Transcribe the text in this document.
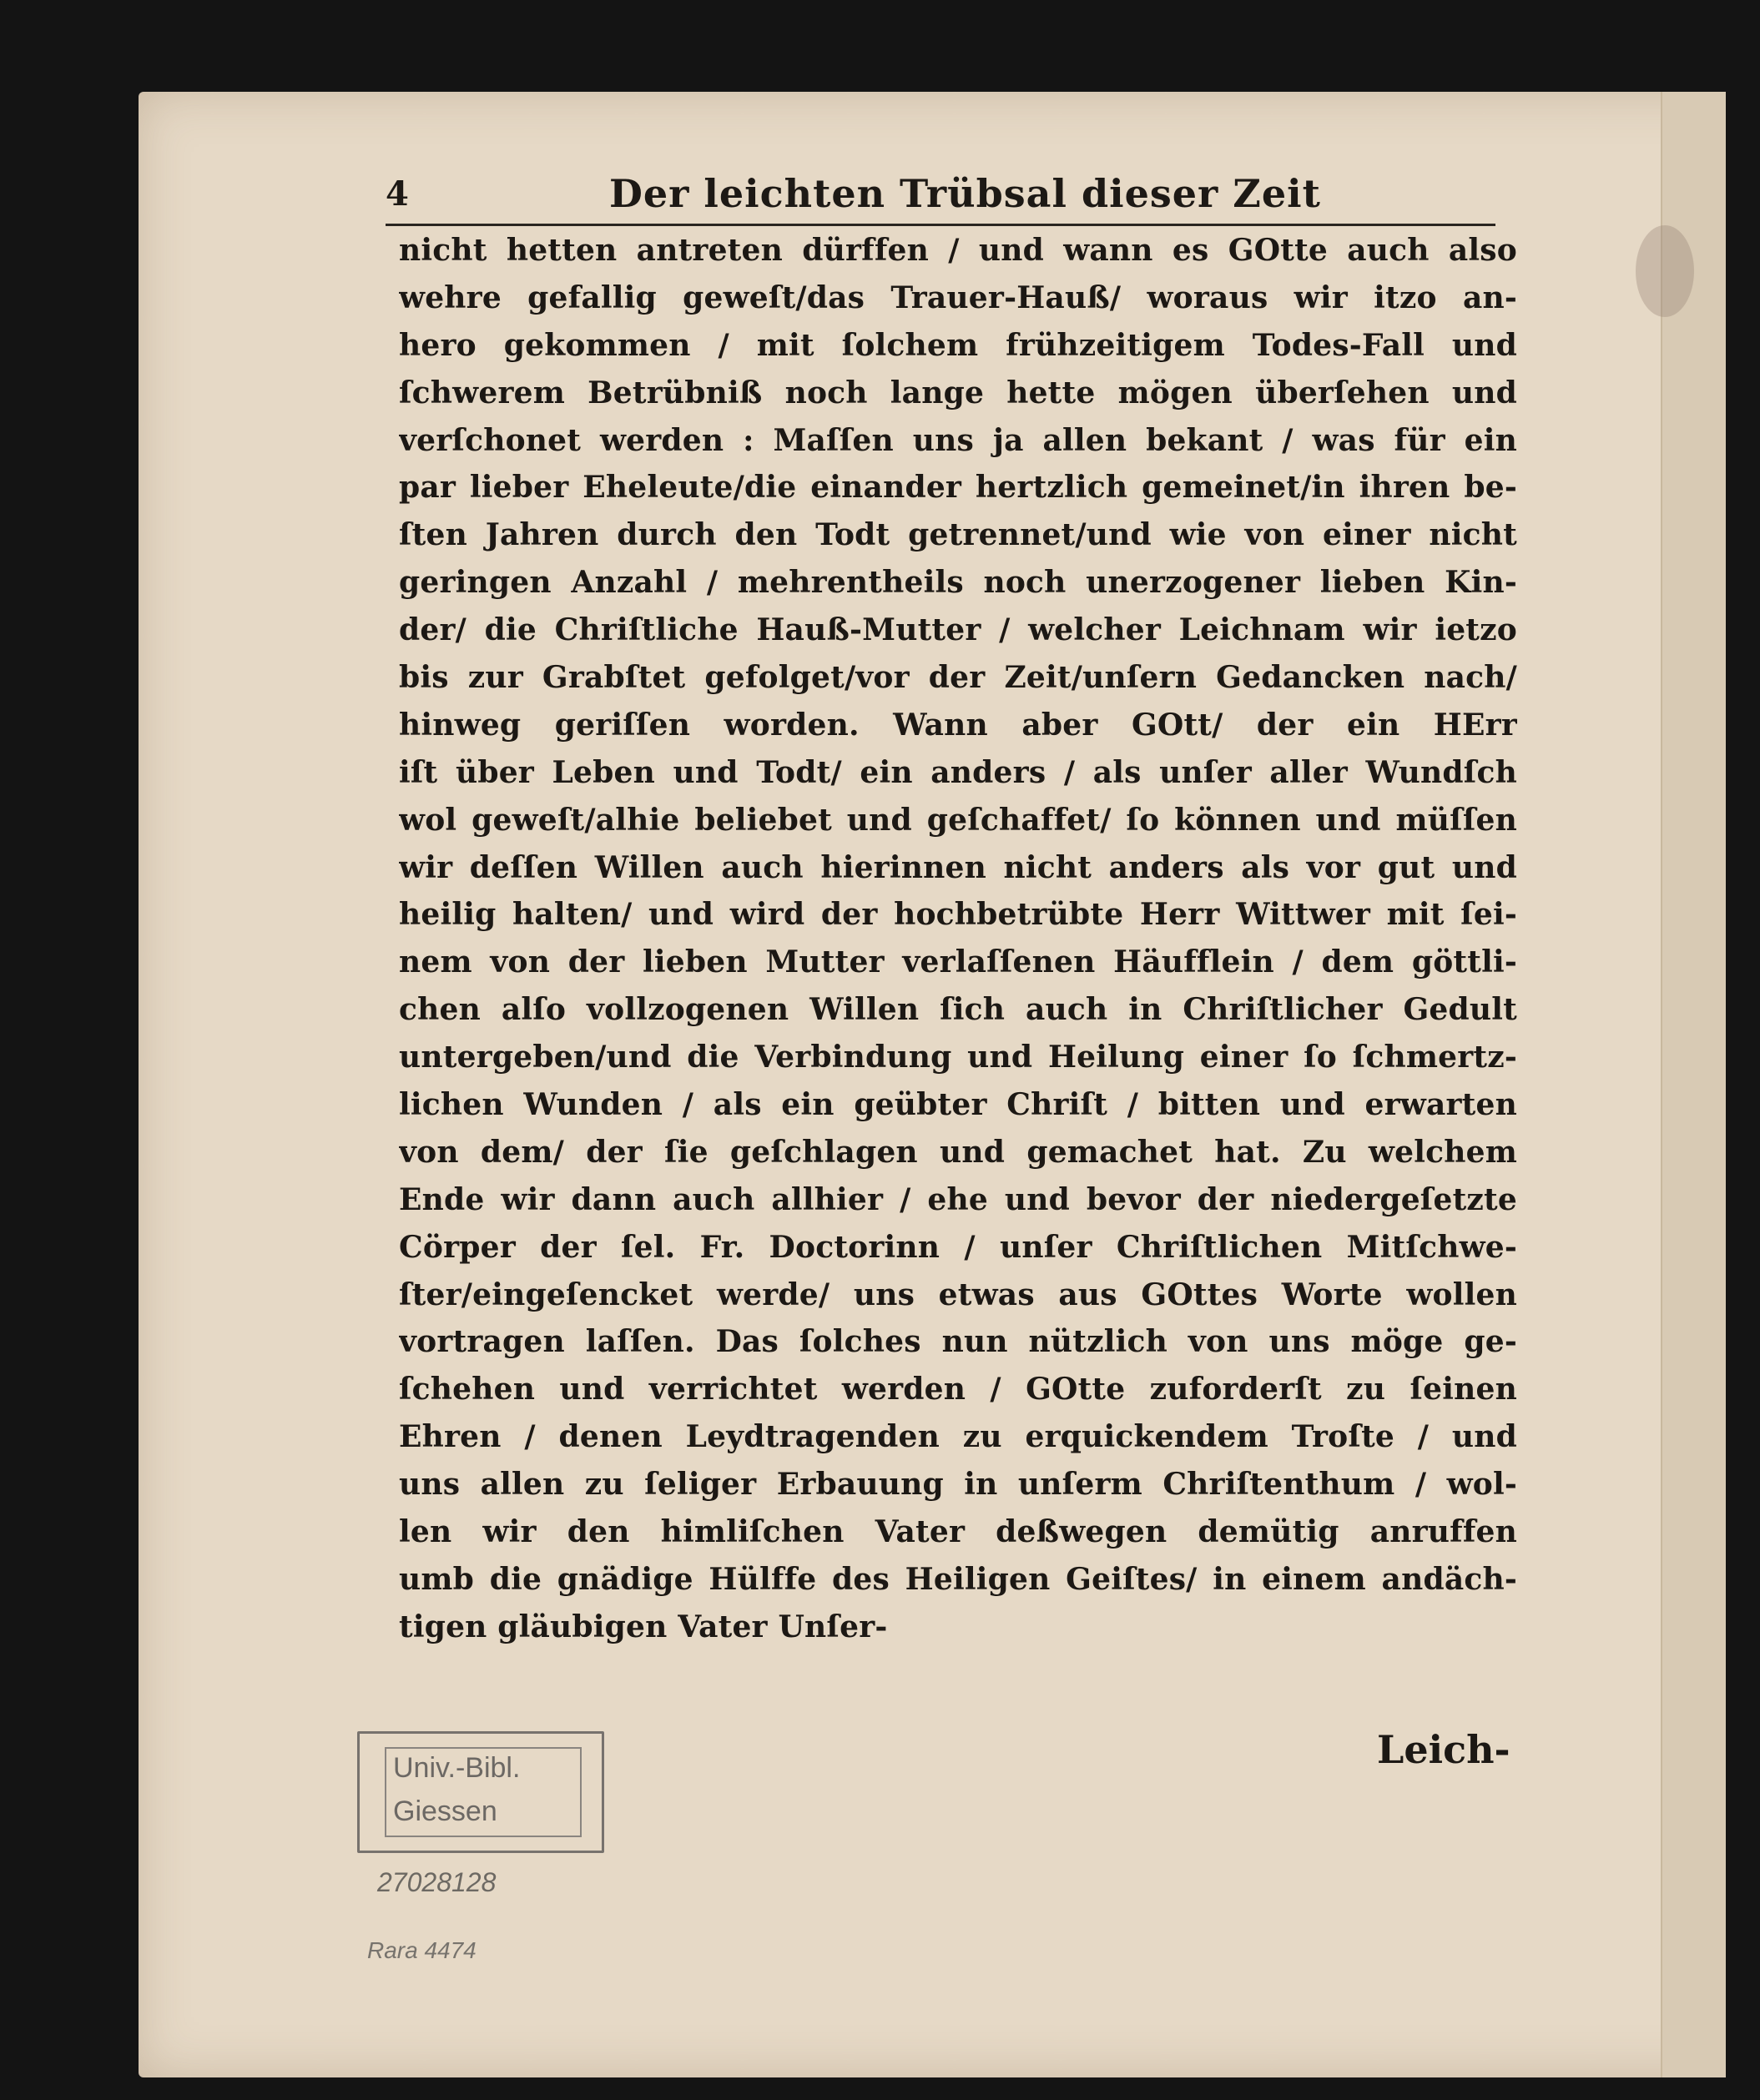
4	Der leichten Trübsal dieser Zeit
nicht hetten antreten dürffen / und wann es GOtte auch also
wehre gefallig geweſt/das Trauer-Hauß/ woraus wir itzo an-
hero gekommen / mit ſolchem frühzeitigem Todes-Fall und
ſchwerem Betrübniß noch lange hette mögen überſehen und
verſchonet werden : Maſſen uns ja allen bekant / was für ein
par lieber Eheleute/die einander hertzlich gemeinet/in ihren be-
ſten Jahren durch den Todt getrennet/und wie von einer nicht
geringen Anzahl / mehrentheils noch unerzogener lieben Kin-
der/ die Chriſtliche Hauß-Mutter / welcher Leichnam wir ietzo
bis zur Grabſtet gefolget/vor der Zeit/unſern Gedancken nach/
hinweg geriſſen worden. Wann aber GOtt/ der ein HErr
iſt über Leben und Todt/ ein anders / als unſer aller Wundſch
wol geweſt/alhie beliebet und geſchaffet/ ſo können und müſſen
wir deſſen Willen auch hierinnen nicht anders als vor gut und
heilig halten/ und wird der hochbetrübte Herr Wittwer mit ſei-
nem von der lieben Mutter verlaſſenen Häufflein / dem göttli-
chen alſo vollzogenen Willen ſich auch in Chriſtlicher Gedult
untergeben/und die Verbindung und Heilung einer ſo ſchmertz-
lichen Wunden / als ein geübter Chriſt / bitten und erwarten
von dem/ der ſie geſchlagen und gemachet hat. Zu welchem
Ende wir dann auch allhier / ehe und bevor der niedergeſetzte
Cörper der ſel. Fr. Doctorinn / unſer Chriſtlichen Mitſchwe-
ſter/eingeſencket werde/ uns etwas aus GOttes Worte wollen
vortragen laſſen. Das ſolches nun nützlich von uns möge ge-
ſchehen und verrichtet werden / GOtte zuforderſt zu ſeinen
Ehren / denen Leydtragenden zu erquickendem Troſte / und
uns allen zu ſeliger Erbauung in unſerm Chriſtenthum / wol-
len wir den himliſchen Vater deßwegen demütig anruffen
umb die gnädige Hülffe des Heiligen Geiſtes/ in einem andäch-
tigen gläubigen Vater Unſer-
Leich-
Univ.-Bibl.
Giessen
27028128
Rara 4474
